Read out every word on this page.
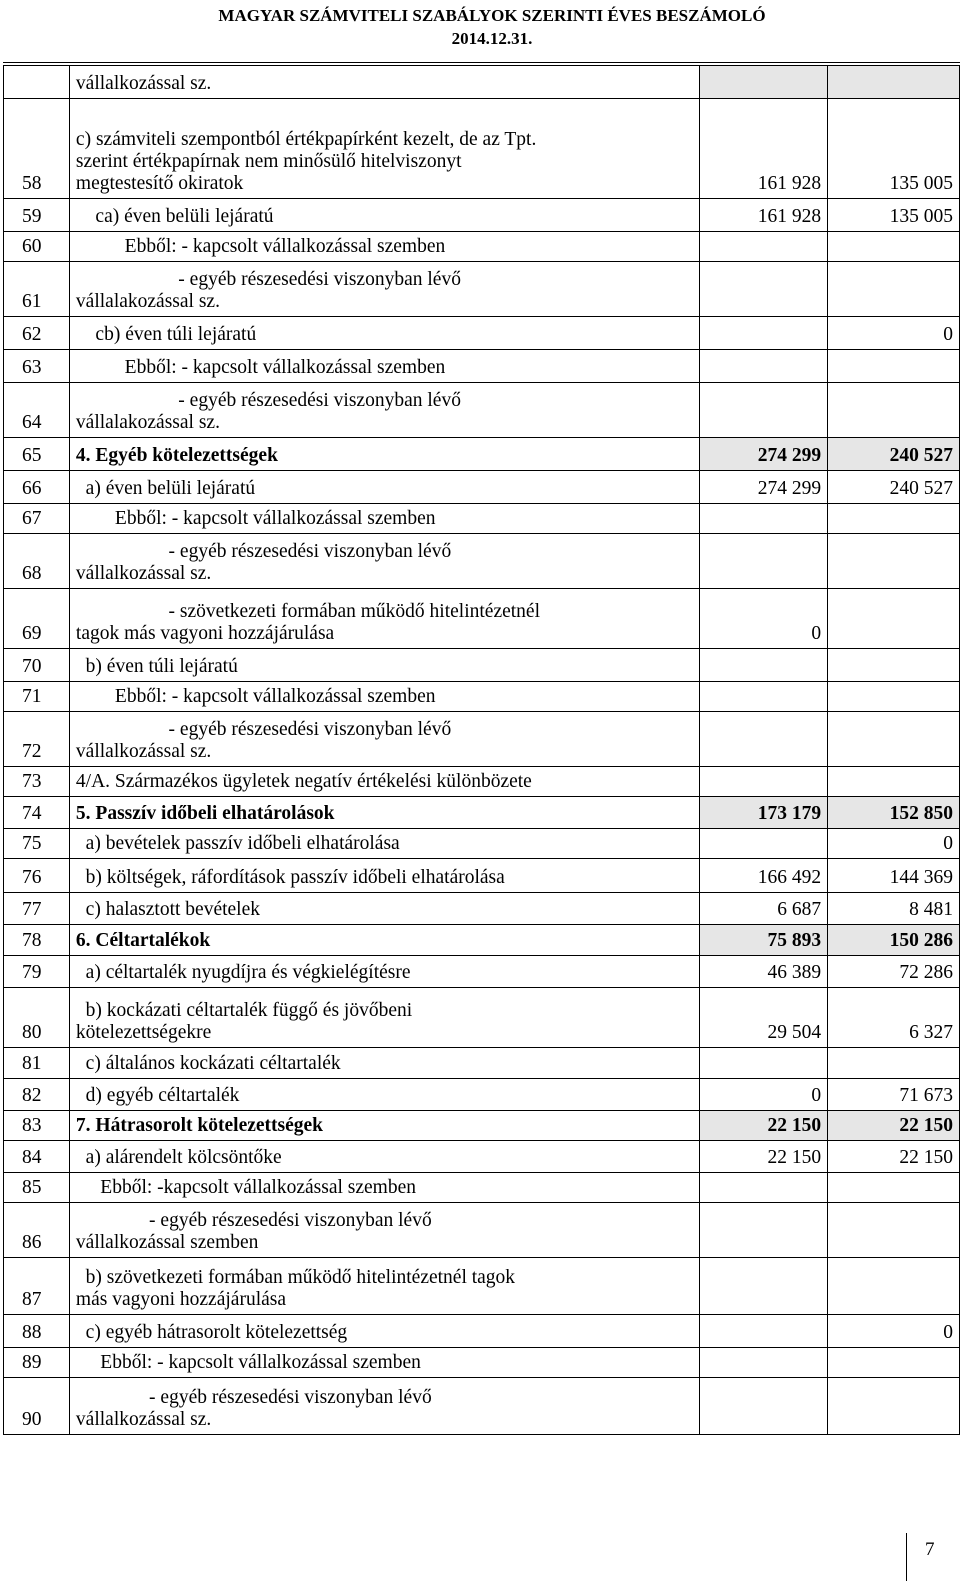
MAGYAR SZÁMVITELI SZABÁLYOK SZERINTI ÉVES BESZÁMOLÓ
2014.12.31.
	vállalkozással sz.		
58	c) számviteli szempontból értékpapírként kezelt, de az Tpt.
szerint értékpapírnak nem minősülő hitelviszonyt
megtestesítő okiratok	161 928	135 005
59	ca) éven belüli lejáratú	161 928	135 005
60	Ebből: - kapcsolt vállalkozással szemben		
61	- egyéb részesedési viszonyban lévő
vállalakozással sz.		
62	cb) éven túli lejáratú		0
63	Ebből: - kapcsolt vállalkozással szemben		
64	- egyéb részesedési viszonyban lévő
vállalakozással sz.		
65	4. Egyéb kötelezettségek	274 299	240 527
66	a) éven belüli lejáratú	274 299	240 527
67	Ebből: - kapcsolt vállalkozással szemben		
68	- egyéb részesedési viszonyban lévő
vállalkozással sz.		
69	- szövetkezeti formában működő hitelintézetnél
tagok más vagyoni hozzájárulása	0	
70	b) éven túli lejáratú		
71	Ebből: - kapcsolt vállalkozással szemben		
72	- egyéb részesedési viszonyban lévő
vállalkozással sz.		
73	4/A. Származékos ügyletek negatív értékelési különbözete		
74	5. Passzív időbeli elhatárolások	173 179	152 850
75	a) bevételek passzív időbeli elhatárolása		0
76	b) költségek, ráfordítások passzív időbeli elhatárolása	166 492	144 369
77	c) halasztott bevételek	6 687	8 481
78	6. Céltartalékok	75 893	150 286
79	a) céltartalék nyugdíjra és végkielégítésre	46 389	72 286
80	b) kockázati céltartalék függő és jövőbeni
kötelezettségekre	29 504	6 327
81	c) általános kockázati céltartalék		
82	d) egyéb céltartalék	0	71 673
83	7. Hátrasorolt kötelezettségek	22 150	22 150
84	a) alárendelt kölcsöntőke	22 150	22 150
85	Ebből: -kapcsolt vállalkozással szemben		
86	- egyéb részesedési viszonyban lévő
vállalkozással szemben		
87	b) szövetkezeti formában működő hitelintézetnél tagok
más vagyoni hozzájárulása		
88	c) egyéb hátrasorolt kötelezettség		0
89	Ebből: - kapcsolt vállalkozással szemben		
90	- egyéb részesedési viszonyban lévő
vállalkozással sz.		
7
